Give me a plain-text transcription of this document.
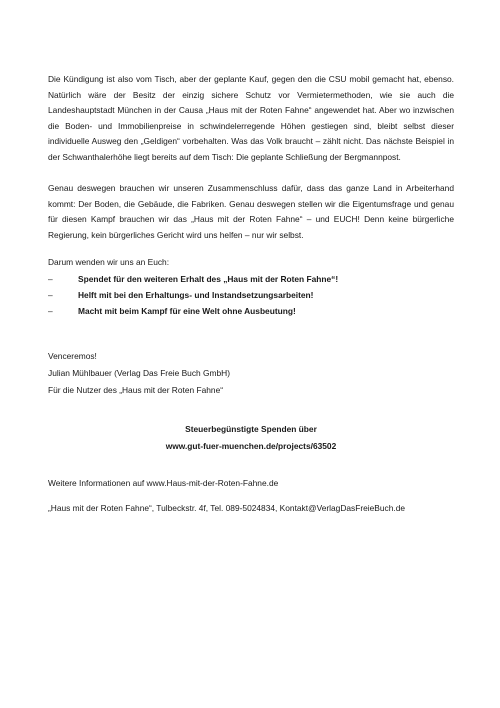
Die Kündigung ist also vom Tisch, aber der geplante Kauf, gegen den die CSU mobil gemacht hat, ebenso. Natürlich wäre der Besitz der einzig sichere Schutz vor Vermietermethoden, wie sie auch die Landeshauptstadt München in der Causa „Haus mit der Roten Fahne“ angewendet hat. Aber wo inzwischen die Boden- und Immobilienpreise in schwindelerregende Höhen gestiegen sind, bleibt selbst dieser individuelle Ausweg den „Geldigen“ vorbehalten. Was das Volk braucht – zählt nicht. Das nächste Beispiel in der Schwanthalerhöhe liegt bereits auf dem Tisch: Die geplante Schließung der Bergmannpost.

Genau deswegen brauchen wir unseren Zusammenschluss dafür, dass das ganze Land in Arbeiterhand kommt: Der Boden, die Gebäude, die Fabriken. Genau deswegen stellen wir die Eigentumsfrage und genau für diesen Kampf brauchen wir das „Haus mit der Roten Fahne“ – und EUCH! Denn keine bürgerliche Regierung, kein bürgerliches Gericht wird uns helfen – nur wir selbst.

Darum wenden wir uns an Euch:

–	Spendet für den weiteren Erhalt des „Haus mit der Roten Fahne“!
–	Helft mit bei den Erhaltungs- und Instandsetzungsarbeiten!
–	Macht mit beim Kampf für eine Welt ohne Ausbeutung!
Venceremos!
Julian Mühlbauer (Verlag Das Freie Buch GmbH)
Für die Nutzer des „Haus mit der Roten Fahne“
Steuerbegünstigte Spenden über
www.gut-fuer-muenchen.de/projects/63502
Weitere Informationen auf www.Haus-mit-der-Roten-Fahne.de
„Haus mit der Roten Fahne“, Tulbeckstr. 4f, Tel. 089-5024834, Kontakt@VerlagDasFreieBuch.de
